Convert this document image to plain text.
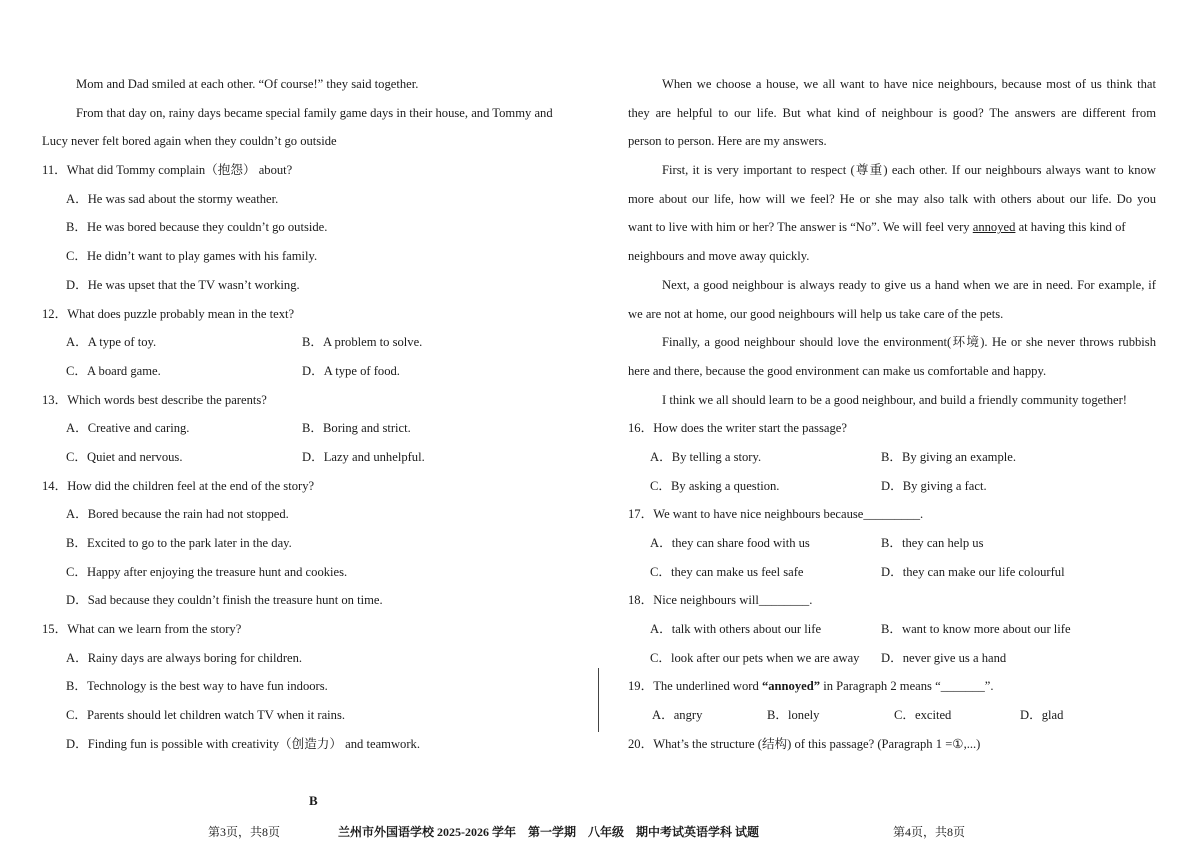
Mom and Dad smiled at each other. “Of course!” they said together.
From that day on, rainy days became special family game days in their house, and Tommy and
Lucy never felt bored again when they couldn’t go outside
11．What did Tommy complain（抱怨） about?
A．He was sad about the stormy weather.
B．He was bored because they couldn’t go outside.
C．He didn’t want to play games with his family.
D．He was upset that the TV wasn’t working.
12．What does puzzle probably mean in the text?
A．A type of toy.	B．A problem to solve.
C．A board game.	D．A type of food.
13．Which words best describe the parents?
A．Creative and caring.	B．Boring and strict.
C．Quiet and nervous.	D．Lazy and unhelpful.
14．How did the children feel at the end of the story?
A．Bored because the rain had not stopped.
B．Excited to go to the park later in the day.
C．Happy after enjoying the treasure hunt and cookies.
D．Sad because they couldn’t finish the treasure hunt on time.
15．What can we learn from the story?
A．Rainy days are always boring for children.
B．Technology is the best way to have fun indoors.
C．Parents should let children watch TV when it rains.
D．Finding fun is possible with creativity（创造力） and teamwork.
B
When we choose a house, we all want to have nice neighbours, because most of us think that
they are helpful to our life. But what kind of neighbour is good? The answers are different from
person to person. Here are my answers.
First, it is very important to respect (尊重) each other. If our neighbours always want to know
more about our life, how will we feel? He or she may also talk with others about our life. Do you
want to live with him or her? The answer is “No”. We will feel very annoyed at having this kind of
neighbours and move away quickly.
Next, a good neighbour is always ready to give us a hand when we are in need. For example, if
we are not at home, our good neighbours will help us take care of the pets.
Finally, a good neighbour should love the environment(环境). He or she never throws rubbish
here and there, because the good environment can make us comfortable and happy.
I think we all should learn to be a good neighbour, and build a friendly community together!
16．How does the writer start the passage?
A．By telling a story.	B．By giving an example.
C．By asking a question.	D．By giving a fact.
17．We want to have nice neighbours because_________.
A．they can share food with us	B．they can help us
C．they can make us feel safe	D．they can make our life colourful
18．Nice neighbours will________.
A．talk with others about our life	B．want to know more about our life
C．look after our pets when we are away	D．never give us a hand
19．The underlined word “annoyed” in Paragraph 2 means “_______”.
A．angry	B．lonely	C．excited	D．glad
20．What’s the structure (结构) of this passage? (Paragraph 1 =①,...)
第3页，共8页	兰州市外国语学校 2025-2026 学年　第一学期　八年级　期中考试英语学科 试题	第4页，共8页
